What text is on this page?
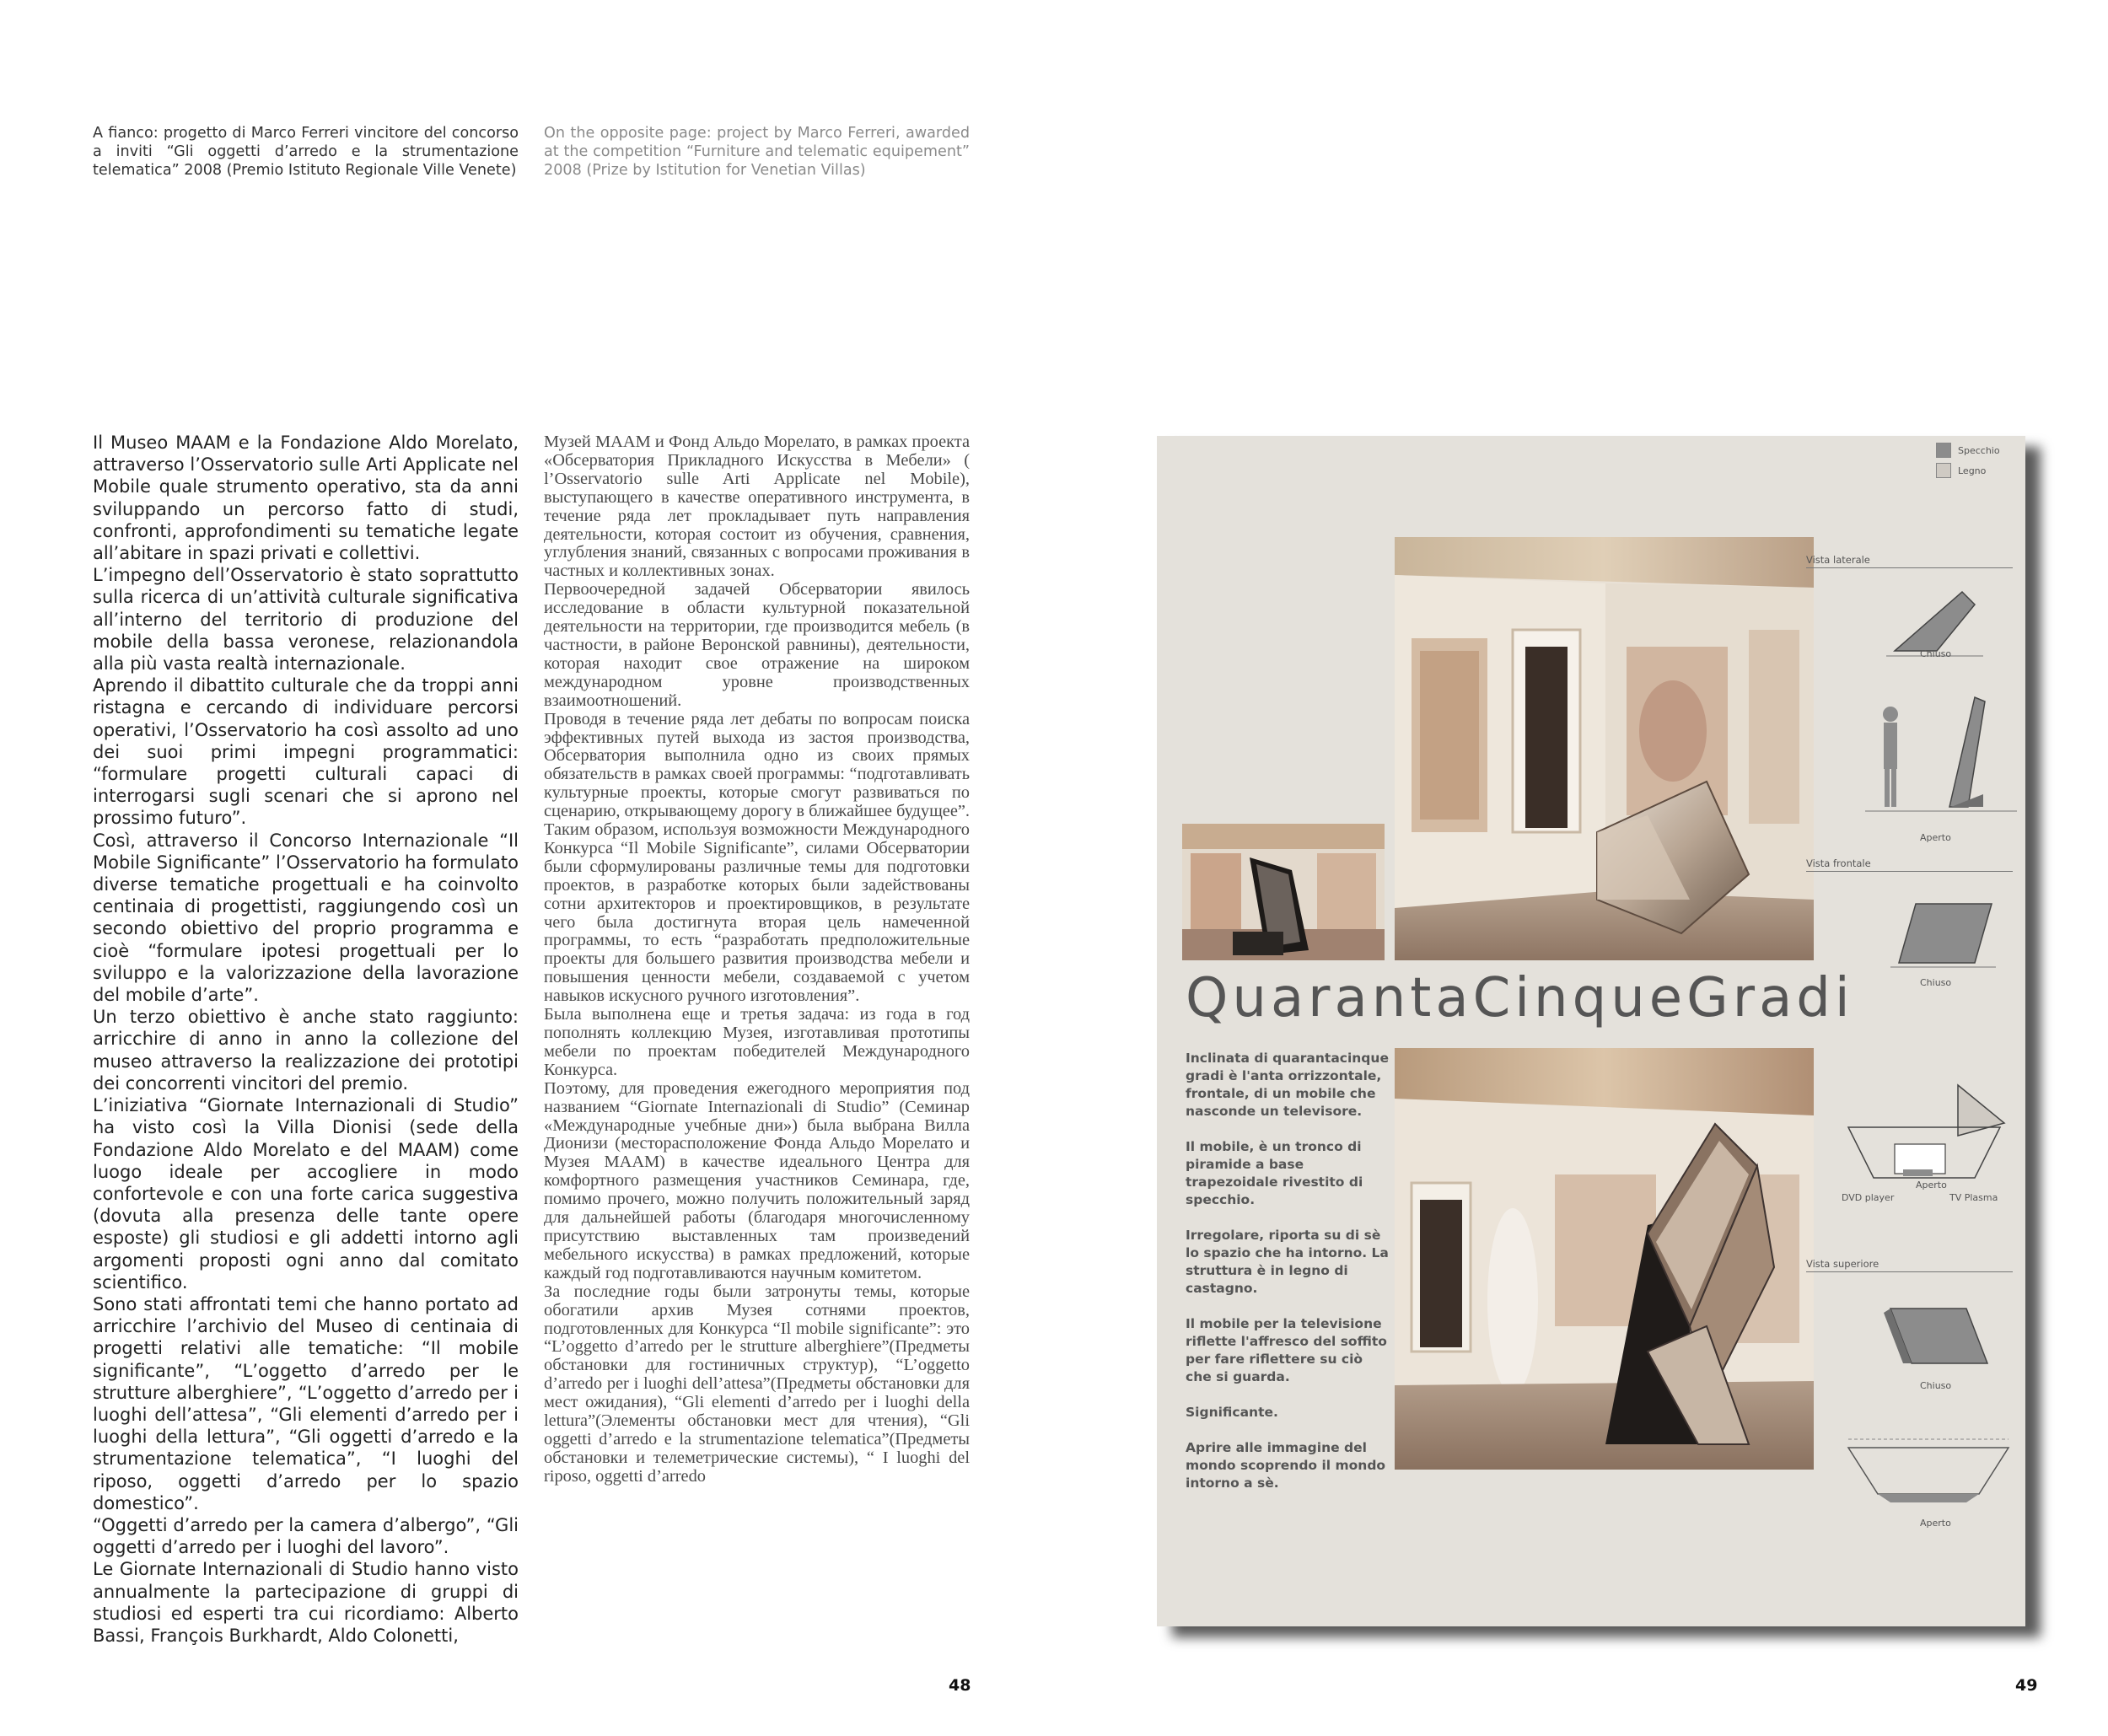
A fianco: progetto di Marco Ferreri vincitore del concorso a inviti “Gli oggetti d’arredo e la strumentazione telematica” 2008 (Premio Istituto Regionale Ville Venete)
On the opposite page: project by Marco Ferreri, awarded at the competition “Furniture and telematic equipement” 2008 (Prize by Istitution for Venetian Villas)

Il Museo MAAM e la Fondazione Aldo Morelato, attraverso l’Osservatorio sulle Arti Applicate nel Mobile quale strumento operativo, sta da anni sviluppando un percorso fatto di studi, confronti, approfondimenti su tematiche legate all’abitare in spazi privati e collettivi.

L’impegno dell’Osservatorio è stato soprattutto sulla ricerca di un’attività culturale significativa all’interno del territorio di produzione del mobile della bassa veronese, relazionandola alla più vasta realtà internazionale.

Aprendo il dibattito culturale che da troppi anni ristagna e cercando di individuare percorsi operativi, l’Osservatorio ha così assolto ad uno dei suoi primi impegni programmatici: “formulare progetti culturali capaci di interrogarsi sugli scenari che si aprono nel prossimo futuro”.

Così, attraverso il Concorso Internazionale “Il Mobile Significante” l’Osservatorio ha formulato diverse tematiche progettuali e ha coinvolto centinaia di progettisti, raggiungendo così un secondo obiettivo del proprio programma e cioè “formulare ipotesi progettuali per lo sviluppo e la valorizzazione della lavorazione del mobile d’arte”.

Un terzo obiettivo è anche stato raggiunto: arricchire di anno in anno la collezione del museo attraverso la realizzazione dei prototipi dei concorrenti vincitori del premio.

L’iniziativa “Giornate Internazionali di Studio” ha visto così la Villa Dionisi (sede della Fondazione Aldo Morelato e del MAAM) come luogo ideale per accogliere in modo confortevole e con una forte carica suggestiva (dovuta alla presenza delle tante opere esposte) gli studiosi e gli addetti intorno agli argomenti proposti ogni anno dal comitato scientifico.

Sono stati affrontati temi che hanno portato ad arricchire l’archivio del Museo di centinaia di progetti relativi alle tematiche: “Il mobile significante”, “L’oggetto d’arredo per le strutture alberghiere”, “L’oggetto d’arredo per i luoghi dell’attesa”, “Gli elementi d’arredo per i luoghi della lettura”, “Gli oggetti d’arredo e la strumentazione telematica”, “I luoghi del riposo, oggetti d’arredo per lo spazio domestico”.

“Oggetti d’arredo per la camera d’albergo”, “Gli oggetti d’arredo per i luoghi del lavoro”.

Le Giornate Internazionali di Studio hanno visto annualmente la partecipazione di gruppi di studiosi ed esperti tra cui ricordiamo: Alberto Bassi, François Burkhardt, Aldo Colonetti,

Музей MAAM и Фонд Альдо Морелато, в рамках проекта «Обсерватория Прикладного Искусства в Мебели» ( l’Osservatorio sulle Arti Applicate nel Mobile), выступающего в качестве оперативного инструмента, в течение ряда лет прокладывает путь направления деятельности, которая состоит из обучения, сравнения, углубления знаний, связанных с вопросами проживания в частных и коллективных зонах.

Первоочередной задачей Обсерватории явилось исследование в области культурной показательной деятельности на территории, где производится мебель (в частности, в районе Веронской равнины), деятельности, которая находит свое отражение на широком международном уровне производственных взаимоотношений.

Проводя в течение ряда лет дебаты по вопросам поиска эффективных путей выхода из застоя производства, Обсерватория выполнила одно из своих прямых обязательств в рамках своей программы: “подготавливать культурные проекты, которые смогут развиваться по сценарию, открывающему дорогу в ближайшее будущее”.

Таким образом, используя возможности Международного Конкурса “Il Mobile Significante”, силами Обсерватории были сформулированы различные темы для подготовки проектов, в разработке которых были задействованы сотни архитекторов и проектировщиков, в результате чего была достигнута вторая цель намеченной программы, то есть “разработать предположительные проекты для большего развития производства мебели и повышения ценности мебели, создаваемой с учетом навыков искусного ручного изготовления”.

Была выполнена еще и третья задача: из года в год пополнять коллекцию Музея, изготавливая прототипы мебели по проектам победителей Международного Конкурса.

Поэтому, для проведения ежегодного мероприятия под названием “Giornate Internazionali di Studio” (Семинар «Международные учебные дни») была выбрана Вилла Дионизи (месторасположение Фонда Альдо Морелато и Музея MAAM) в качестве идеального Центра для комфортного размещения участников Семинара, где, помимо прочего, можно получить положительный заряд для дальнейшей работы (благодаря многочисленному присутствию выставленных там произведений мебельного искусства) в рамках предложений, которые каждый год подготавливаются научным комитетом.

За последние годы были затронуты темы, которые обогатили архив Музея сотнями проектов, подготовленных для Конкурса “Il mobile significante”: это “L’oggetto d’arredo per le strutture alberghiere”(Предметы обстановки для гостиничных структур), “L’oggetto d’arredo per i luoghi dell’attesa”(Предметы обстановки для мест ожидания), “Gli elementi d’arredo per i luoghi della lettura”(Элементы обстановки мест для чтения), “Gli oggetti d’arredo e la strumentazione telematica”(Предметы обстановки и телеметрические системы), “ I luoghi del riposo, oggetti d’arredo

48	49
Specchio
Legno
QuarantaCinqueGradi

Inclinata di quarantacinque gradi è l'anta orrizzontale, frontale, di un mobile che nasconde un televisore.

Il mobile, è un tronco di piramide a base trapezoidale rivestito di specchio.

Irregolare, riporta su di sè lo spazio che ha intorno. La struttura è in legno di castagno.

Il mobile per la televisione riflette l'affresco del soffito per fare riflettere su ciò che si guarda.

Significante.

Aprire alle immagine del mondo scoprendo il mondo intorno a sè.

Vista laterale
Chiuso
Aperto
Vista frontale
Chiuso
Aperto
DVD player	TV Plasma
Vista superiore
Chiuso
Aperto
